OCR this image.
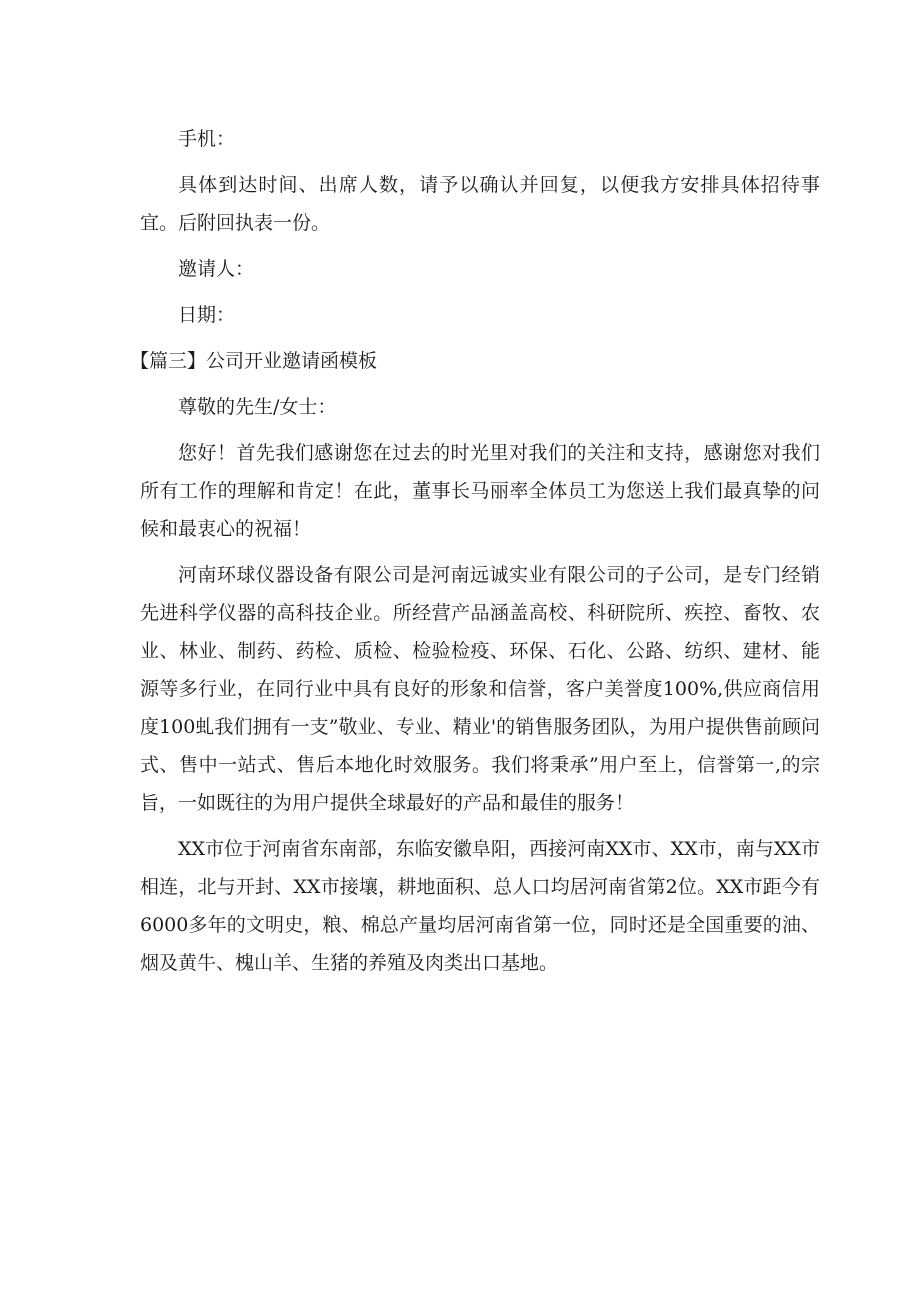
手机：

具体到达时间、出席人数，请予以确认并回复，以便我方安排具体招待事宜。后附回执表一份。

邀请人：

日期：

【篇三】公司开业邀请函模板

尊敬的先生/女士：

您好！首先我们感谢您在过去的时光里对我们的关注和支持，感谢您对我们所有工作的理解和肯定！在此，董事长马丽率全体员工为您送上我们最真挚的问候和最衷心的祝福！

河南环球仪器设备有限公司是河南远诚实业有限公司的子公司，是专门经销先进科学仪器的高科技企业。所经营产品涵盖高校、科研院所、疾控、畜牧、农业、林业、制药、药检、质检、检验检疫、环保、石化、公路、纺织、建材、能源等多行业，在同行业中具有良好的形象和信誉，客户美誉度100%,供应商信用度100虬我们拥有一支”敬业、专业、精业'的销售服务团队，为用户提供售前顾问式、售中一站式、售后本地化时效服务。我们将秉承”用户至上，信誉第一,的宗旨，一如既往的为用户提供全球最好的产品和最佳的服务！

XX市位于河南省东南部，东临安徽阜阳，西接河南XX市、XX市，南与XX市相连，北与开封、XX市接壤，耕地面积、总人口均居河南省第2位。XX市距今有6000多年的文明史，粮、棉总产量均居河南省第一位，同时还是全国重要的油、烟及黄牛、槐山羊、生猪的养殖及肉类出口基地。
